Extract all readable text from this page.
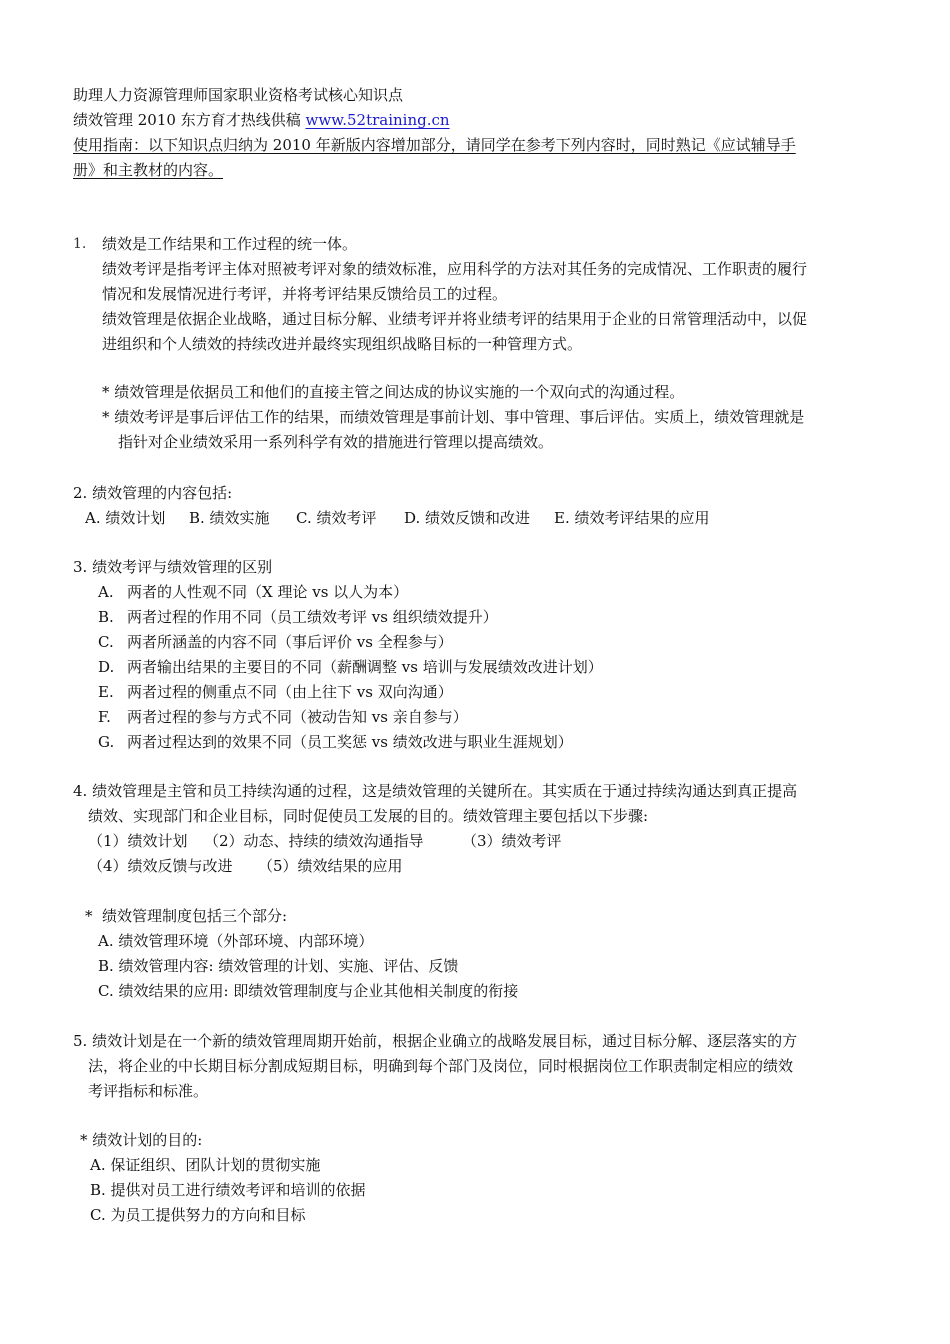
助理人力资源管理师国家职业资格考试核心知识点
绩效管理 2010 东方育才热线供稿 www.52training.cn
使用指南：以下知识点归纳为 2010 年新版内容增加部分，请同学在参考下列内容时，同时熟记《应试辅导手
册》和主教材的内容。
1. 绩效是工作结果和工作过程的统一体。
绩效考评是指考评主体对照被考评对象的绩效标准，应用科学的方法对其任务的完成情况、工作职责的履行
情况和发展情况进行考评，并将考评结果反馈给员工的过程。
绩效管理是依据企业战略，通过目标分解、业绩考评并将业绩考评的结果用于企业的日常管理活动中，以促
进组织和个人绩效的持续改进并最终实现组织战略目标的一种管理方式。
* 绩效管理是依据员工和他们的直接主管之间达成的协议实施的一个双向式的沟通过程。
* 绩效考评是事后评估工作的结果，而绩效管理是事前计划、事中管理、事后评估。实质上，绩效管理就是
指针对企业绩效采用一系列科学有效的措施进行管理以提高绩效。
2. 绩效管理的内容包括:
A. 绩效计划 B. 绩效实施 C. 绩效考评 D. 绩效反馈和改进 E. 绩效考评结果的应用
3. 绩效考评与绩效管理的区别
A. 两者的人性观不同（X 理论 vs 以人为本）
B. 两者过程的作用不同（员工绩效考评 vs 组织绩效提升）
C. 两者所涵盖的内容不同（事后评价 vs 全程参与）
D. 两者输出结果的主要目的不同（薪酬调整 vs 培训与发展绩效改进计划）
E. 两者过程的侧重点不同（由上往下 vs 双向沟通）
F. 两者过程的参与方式不同（被动告知 vs 亲自参与）
G. 两者过程达到的效果不同（员工奖惩 vs 绩效改进与职业生涯规划）
4. 绩效管理是主管和员工持续沟通的过程，这是绩效管理的关键所在。其实质在于通过持续沟通达到真正提高
绩效、实现部门和企业目标，同时促使员工发展的目的。绩效管理主要包括以下步骤:
（1）绩效计划 （2）动态、持续的绩效沟通指导	（3）绩效考评
（4）绩效反馈与改进 （5）绩效结果的应用
*  绩效管理制度包括三个部分:
A. 绩效管理环境（外部环境、内部环境）
B. 绩效管理内容: 绩效管理的计划、实施、评估、反馈
C. 绩效结果的应用: 即绩效管理制度与企业其他相关制度的衔接
5. 绩效计划是在一个新的绩效管理周期开始前，根据企业确立的战略发展目标，通过目标分解、逐层落实的方
法，将企业的中长期目标分割成短期目标，明确到每个部门及岗位，同时根据岗位工作职责制定相应的绩效
考评指标和标准。
* 绩效计划的目的:
A. 保证组织、团队计划的贯彻实施
B. 提供对员工进行绩效考评和培训的依据
C. 为员工提供努力的方向和目标
